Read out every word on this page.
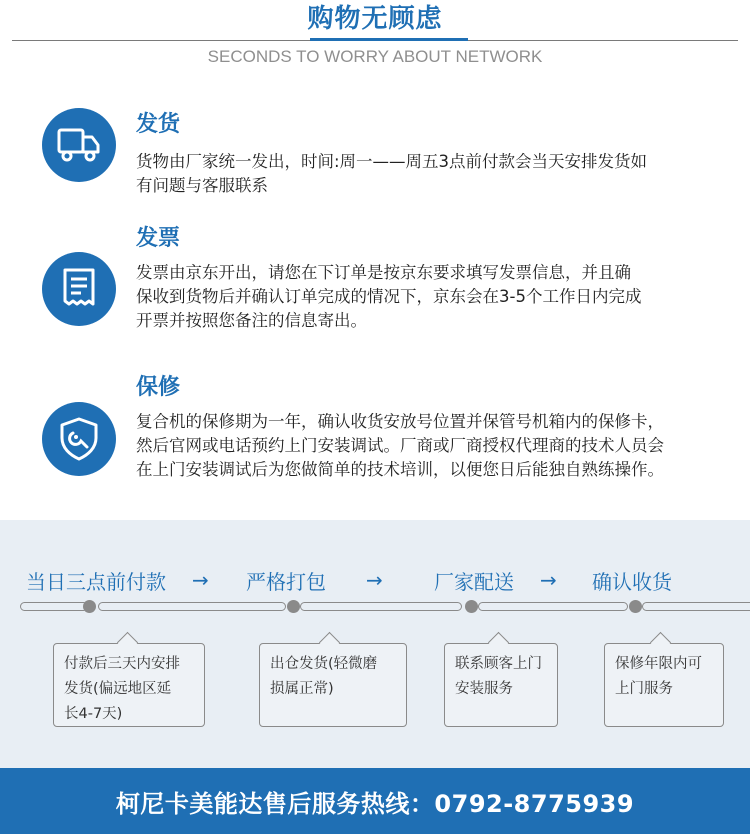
购物无顾虑
SECONDS TO WORRY ABOUT NETWORK
发货
货物由厂家统一发出，时间:周一——周五3点前付款会当天安排发货如
有问题与客服联系
发票
发票由京东开出，请您在下订单是按京东要求填写发票信息，并且确
保收到货物后并确认订单完成的情况下，京东会在3-5个工作日内完成
开票并按照您备注的信息寄出。
保修
复合机的保修期为一年，确认收货安放号位置并保管号机箱内的保修卡，
然后官网或电话预约上门安装调试。厂商或厂商授权代理商的技术人员会
在上门安装调试后为您做简单的技术培训，以便您日后能独自熟练操作。
当日三点前付款 → 严格打包 →	厂家配送 → 确认收货
付款后三天内安排
发货(偏远地区延
长4-7天)
出仓发货(轻微磨
损属正常)
联系顾客上门
安装服务
保修年限内可
上门服务
柯尼卡美能达售后服务热线：0792-8775939
